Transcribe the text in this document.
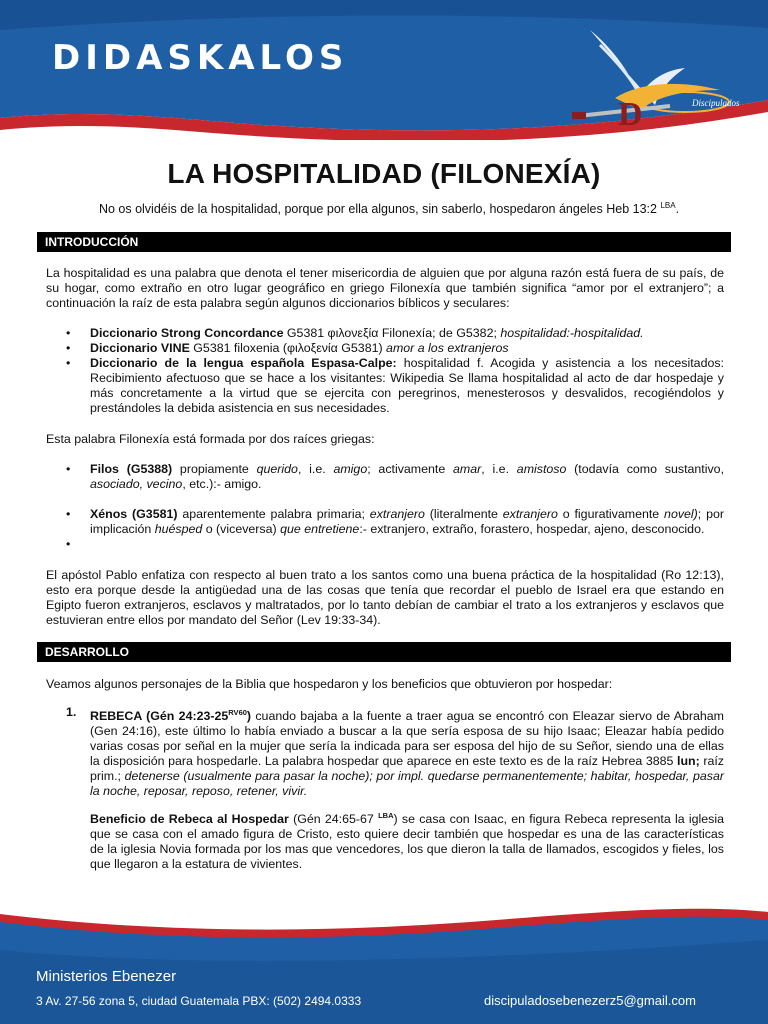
DIDASKALOS
Discipulados
D
LA HOSPITALIDAD (FILONEXÍA)
No os olvidéis de la hospitalidad, porque por ella algunos, sin saberlo, hospedaron ángeles Heb 13:2 $^{LBA}$.
INTRODUCCIÓN

La hospitalidad es una palabra que denota el tener misericordia de alguien que por alguna razón está fuera de su país, de su hogar, como extraño en otro lugar geográfico en griego Filonexía que también significa “amor por el extranjero”; a continuación la raíz de esta palabra según algunos diccionarios bíblicos y seculares:

• Diccionario Strong Concordance G5381 φιλονεξία Filonexía; de G5382; hospitalidad:-hospitalidad.
• Diccionario VINE G5381 filoxenia (φιλοξενία G5381) amor a los extranjeros
• Diccionario de la lengua española Espasa-Calpe: hospitalidad f. Acogida y asistencia a los necesitados: Recibimiento afectuoso que se hace a los visitantes: Wikipedia Se llama hospitalidad al acto de dar hospedaje y más concretamente a la virtud que se ejercita con peregrinos, menesterosos y desvalidos, recogiéndolos y prestándoles la debida asistencia en sus necesidades.

Esta palabra Filonexía está formada por dos raíces griegas:

• Filos (G5388) propiamente querido, i.e. amigo; activamente amar, i.e. amistoso (todavía como sustantivo, asociado, vecino, etc.):- amigo.
• Xénos (G3581) aparentemente palabra primaria; extranjero (literalmente extranjero o figurativamente novel); por implicación huésped o (viceversa) que entretiene:- extranjero, extraño, forastero, hospedar, ajeno, desconocido.
•

El apóstol Pablo enfatiza con respecto al buen trato a los santos como una buena práctica de la hospitalidad (Ro 12:13), esto era porque desde la antigüedad una de las cosas que tenía que recordar el pueblo de Israel era que estando en Egipto fueron extranjeros, esclavos y maltratados, por lo tanto debían de cambiar el trato a los extranjeros y esclavos que estuvieran entre ellos por mandato del Señor (Lev 19:33-34).

DESARROLLO

Veamos algunos personajes de la Biblia que hospedaron y los beneficios que obtuvieron por hospedar:

1. REBECA (Gén $24:23-25^{RV60}$) cuando bajaba a la fuente a traer agua se encontró con Eleazar siervo de Abraham (Gen 24:16), este último lo había enviado a buscar a la que sería esposa de su hijo Isaac; Eleazar había pedido varias cosas por señal en la mujer que sería la indicada para ser esposa del hijo de su Señor, siendo una de ellas la disposición para hospedarle. La palabra hospedar que aparece en este texto es de la raíz Hebrea 3885 lun; raíz prim.; detenerse (usualmente para pasar la noche); por impl. quedarse permanentemente; habitar, hospedar, pasar la noche, reposar, reposo, retener, vivir.
Beneficio de Rebeca al Hospedar (Gén 24:65-67 $^{LBA}$) se casa con Isaac, en figura Rebeca representa la iglesia que se casa con el amado figura de Cristo, esto quiere decir también que hospedar es una de las características de la iglesia Novia formada por los mas que vencedores, los que dieron la talla de llamados, escogidos y fieles, los que llegaron a la estatura de vivientes.
Ministerios Ebenezer
3 Av. 27-56 zona 5, ciudad Guatemala PBX: (502) 2494.0333	discipuladosebenezerz5@gmail.com
